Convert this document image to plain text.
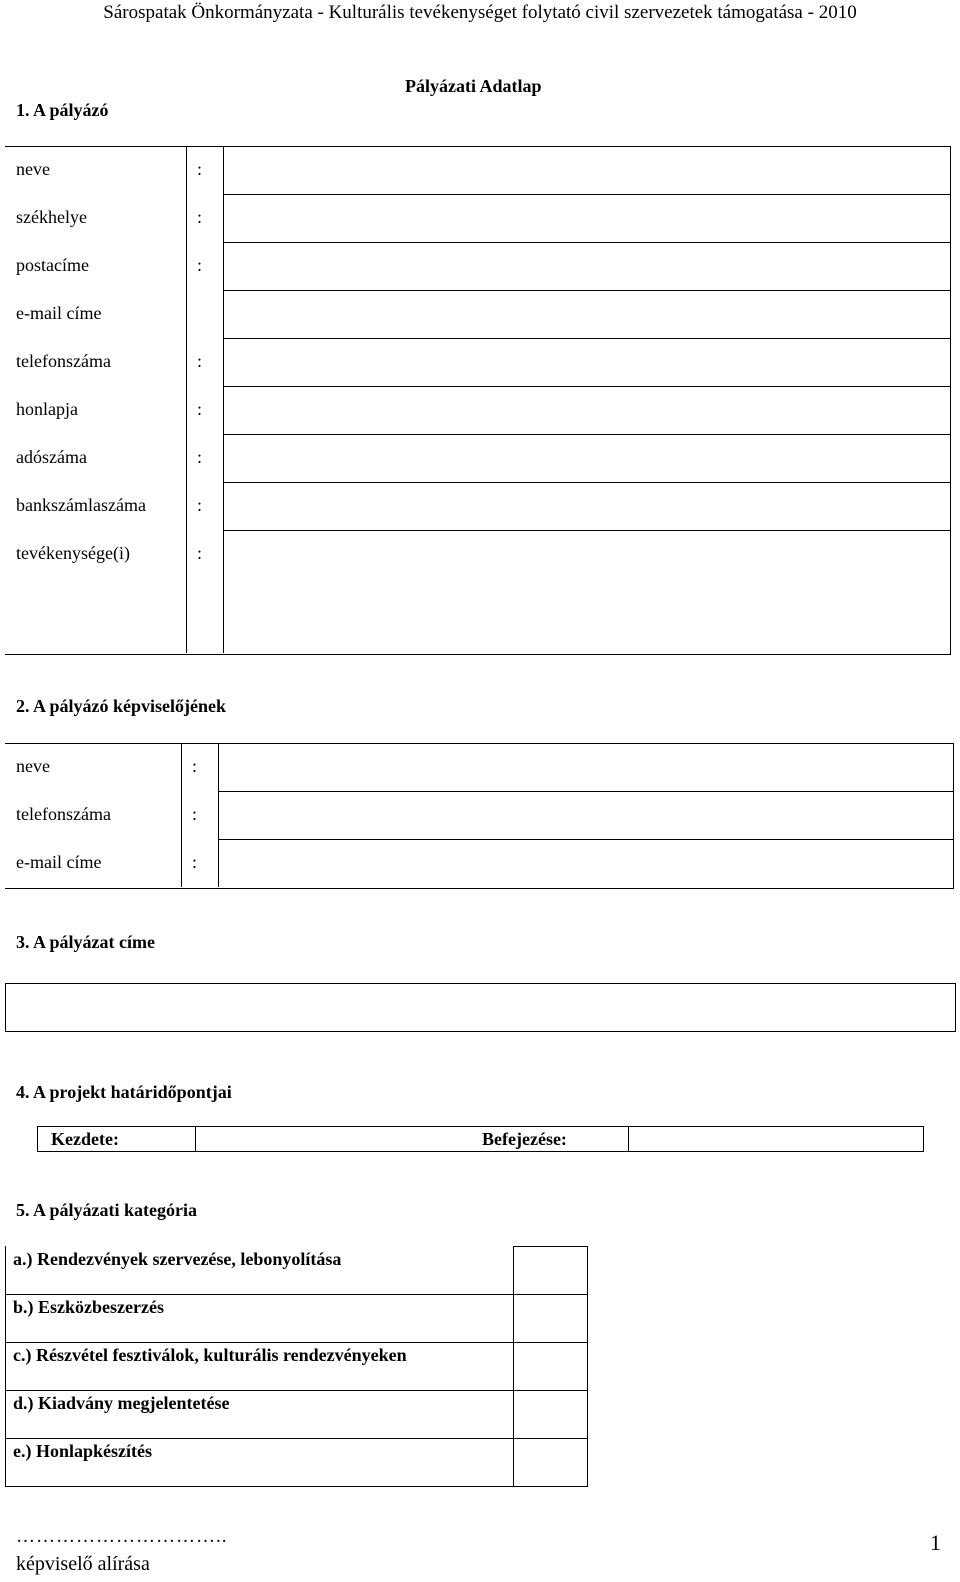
Sárospatak Önkormányzata - Kulturális tevékenységet folytató civil szervezetek támogatása - 2010
Pályázati Adatlap
1. A pályázó
neve	:
székhelye	:
postacíme	:
e-mail címe
telefonszáma	:
honlapja	:
adószáma	:
bankszámlaszáma	:
tevékenysége(i)	:
2. A pályázó képviselőjének
neve	:
telefonszáma	:
e-mail címe	:
3. A pályázat címe
4. A projekt határidőpontjai
Kezdete:	Befejezése:
5. A pályázati kategória
a.) Rendezvények szervezése, lebonyolítása
b.) Eszközbeszerzés
c.) Részvétel fesztiválok, kulturális rendezvényeken
d.) Kiadvány megjelentetése
e.) Honlapkészítés
…………………………..
képviselő alírása
1
